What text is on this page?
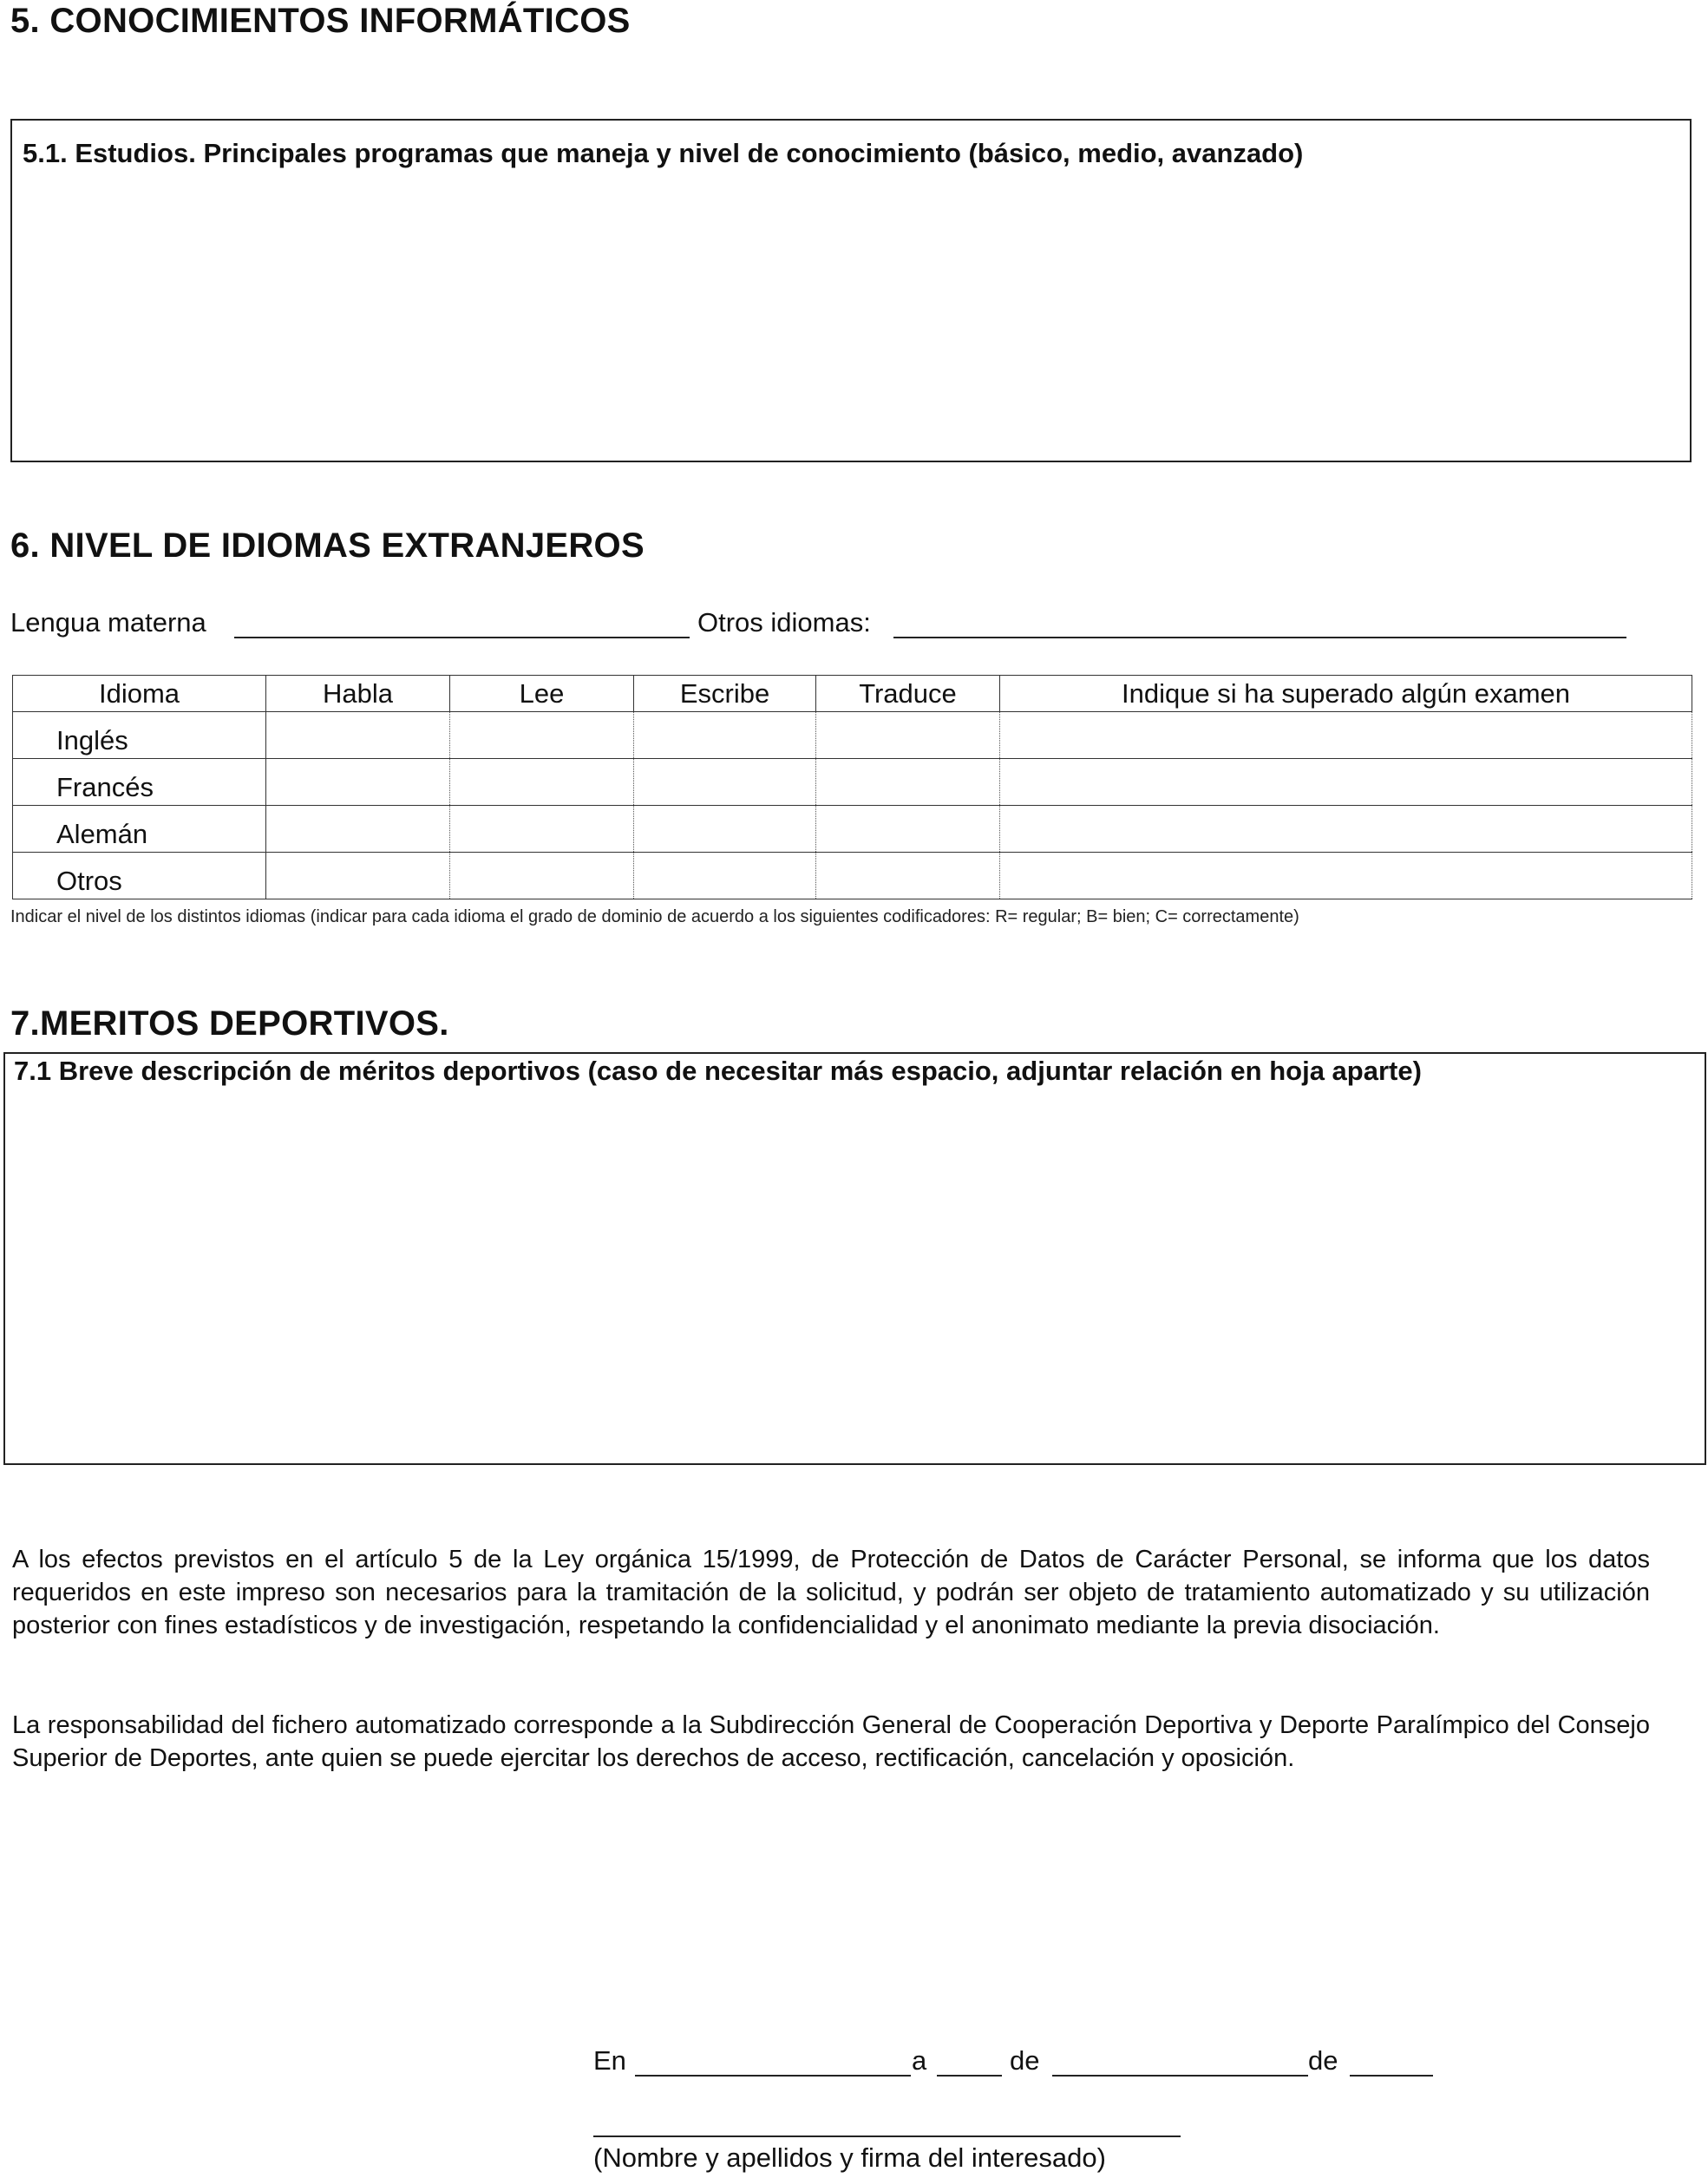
5. CONOCIMIENTOS INFORMÁTICOS
5.1. Estudios. Principales programas que maneja y nivel de conocimiento (básico, medio, avanzado)
6. NIVEL DE IDIOMAS EXTRANJEROS
Lengua materna	Otros idiomas:
Idioma	Habla	Lee	Escribe	Traduce	Indique si ha superado algún examen
Inglés					
Francés					
Alemán					
Otros					
Indicar el nivel de los distintos idiomas (indicar para cada idioma el grado de dominio de acuerdo a los siguientes codificadores: R= regular; B= bien; C= correctamente)
7.MERITOS DEPORTIVOS.
7.1 Breve descripción de méritos deportivos (caso de necesitar más espacio, adjuntar relación en hoja aparte)
A los efectos previstos en el artículo 5 de la Ley orgánica 15/1999, de Protección de Datos de Carácter Personal, se informa que los datos requeridos en este impreso son necesarios para la tramitación de la solicitud, y podrán ser objeto de tratamiento automatizado y su utilización posterior con fines estadísticos y de investigación, respetando la confidencialidad y el anonimato mediante la previa disociación.
La responsabilidad del fichero automatizado corresponde a la Subdirección General de Cooperación Deportiva y Deporte Paralímpico del Consejo Superior de Deportes, ante quien se puede ejercitar los derechos de acceso, rectificación, cancelación y oposición.
En	a	de	de
(Nombre y apellidos y firma del interesado)
